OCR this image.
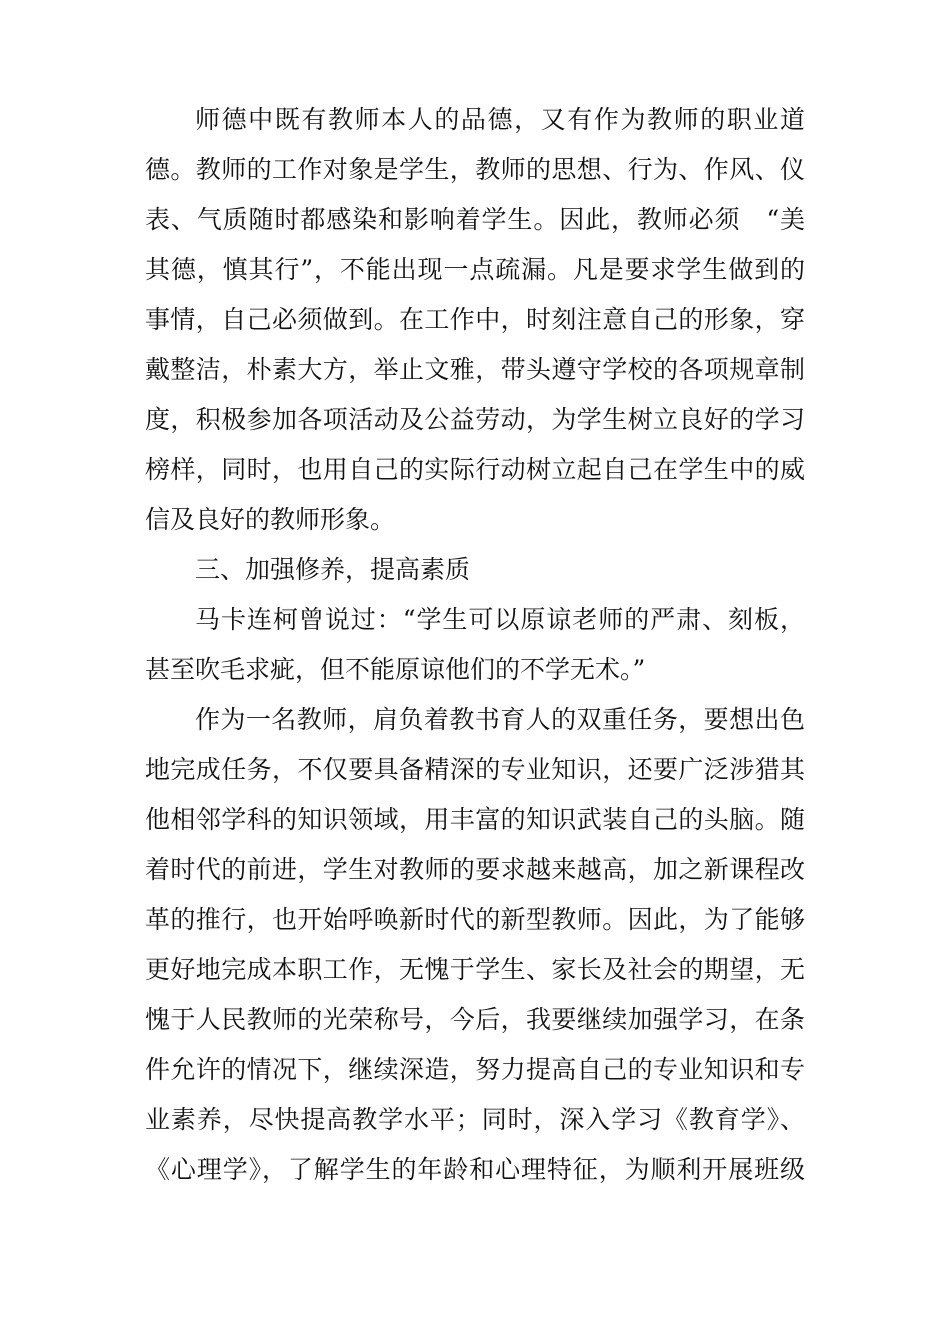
师德中既有教师本人的品德，又有作为教师的职业道
德。教师的工作对象是学生，教师的思想、行为、作风、仪
表、气质随时都感染和影响着学生。因此，教师必须　“美
其德，慎其行”，不能出现一点疏漏。凡是要求学生做到的
事情，自己必须做到。在工作中，时刻注意自己的形象，穿
戴整洁，朴素大方，举止文雅，带头遵守学校的各项规章制
度，积极参加各项活动及公益劳动，为学生树立良好的学习
榜样，同时，也用自己的实际行动树立起自己在学生中的威
信及良好的教师形象。
三、加强修养，提高素质
马卡连柯曾说过：“学生可以原谅老师的严肃、刻板，
甚至吹毛求疵，但不能原谅他们的不学无术。”
作为一名教师，肩负着教书育人的双重任务，要想出色
地完成任务，不仅要具备精深的专业知识，还要广泛涉猎其
他相邻学科的知识领域，用丰富的知识武装自己的头脑。随
着时代的前进，学生对教师的要求越来越高，加之新课程改
革的推行，也开始呼唤新时代的新型教师。因此，为了能够
更好地完成本职工作，无愧于学生、家长及社会的期望，无
愧于人民教师的光荣称号，今后，我要继续加强学习，在条
件允许的情况下，继续深造，努力提高自己的专业知识和专
业素养，尽快提高教学水平；同时，深入学习《教育学》、
《心理学》，了解学生的年龄和心理特征，为顺利开展班级
